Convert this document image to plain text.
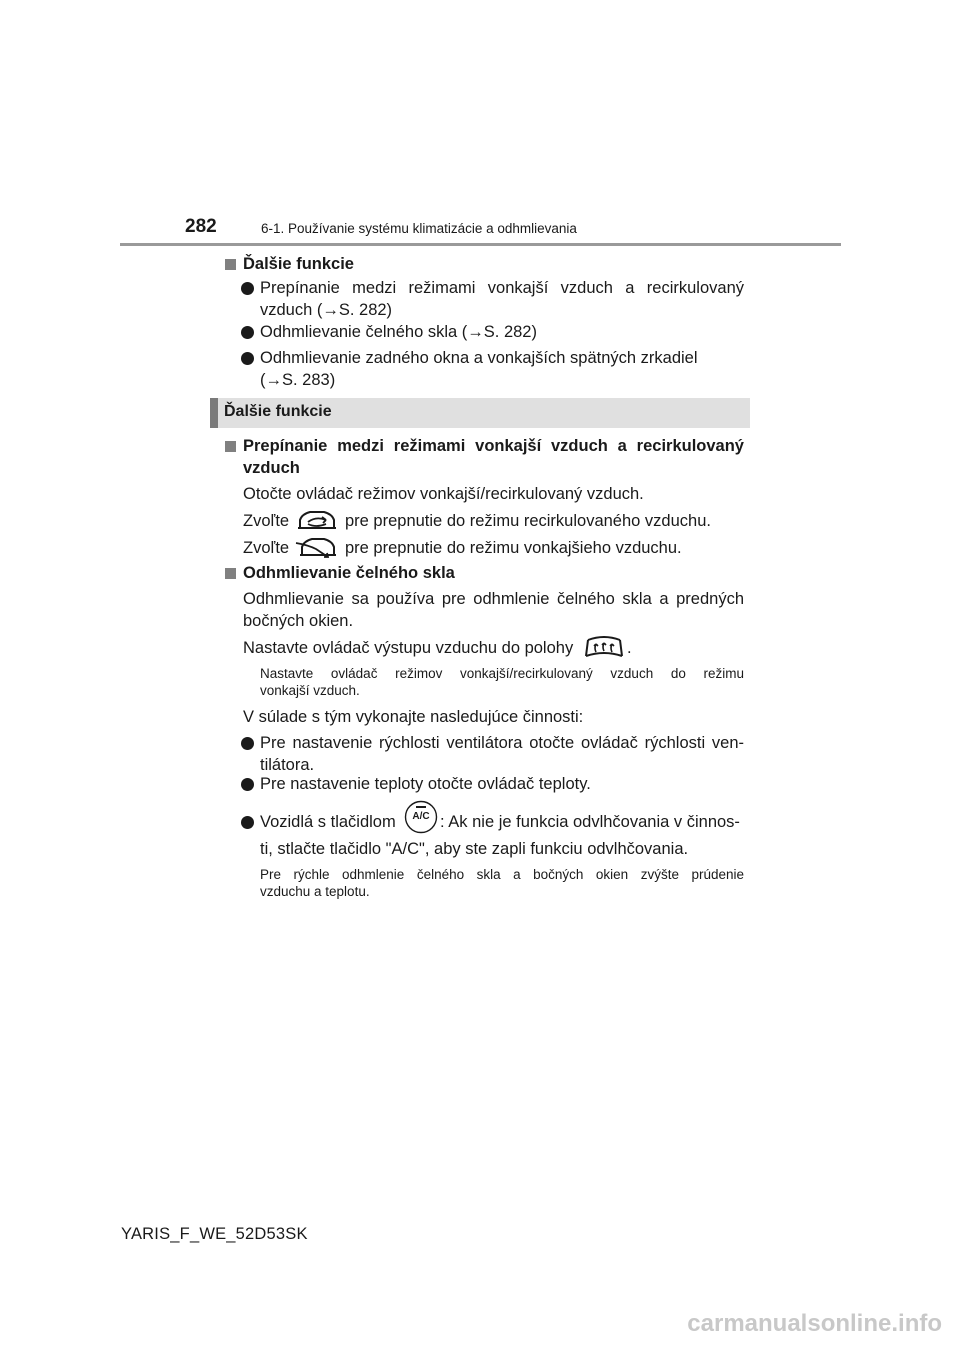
282	6-1. Používanie systému klimatizácie a odhmlievania
Ďalšie funkcie
Prepínanie medzi režimami vonkajší vzduch a recirkulovaný
vzduch (→S. 282)
Odhmlievanie čelného skla (→S. 282)
Odhmlievanie zadného okna a vonkajších spätných zrkadiel
(→S. 283)
Ďalšie funkcie
Prepínanie medzi režimami vonkajší vzduch a recirkulovaný
vzduch
Otočte ovládač režimov vonkajší/recirkulovaný vzduch.
Zvoľte	pre prepnutie do režimu recirkulovaného vzduchu.
Zvoľte	pre prepnutie do režimu vonkajšieho vzduchu.
Odhmlievanie čelného skla
Odhmlievanie sa používa pre odhmlenie čelného skla a predných
bočných okien.
Nastavte ovládač výstupu vzduchu do polohy	.
Nastavte ovládač režimov vonkajší/recirkulovaný vzduch do režimu
vonkajší vzduch.
V súlade s tým vykonajte nasledujúce činnosti:
Pre nastavenie rýchlosti ventilátora otočte ovládač rýchlosti ven-
tilátora.
Pre nastavenie teploty otočte ovládač teploty.
Vozidlá s tlačidlom	A/C : Ak nie je funkcia odvlhčovania v činnos-
ti, stlačte tlačidlo "A/C", aby ste zapli funkciu odvlhčovania.
Pre rýchle odhmlenie čelného skla a bočných okien zvýšte prúdenie
vzduchu a teplotu.
YARIS_F_WE_52D53SK
carmanualsonline.info
